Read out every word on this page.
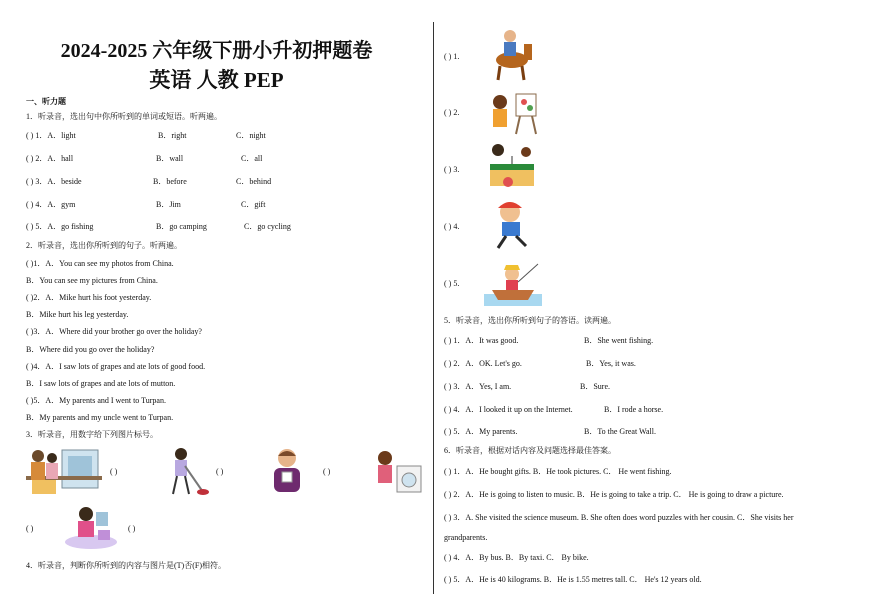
2024-2025 六年级下册小升初押题卷
英语 人教 PEP
一、听力题
1．听录音，选出句中你所听到的单词或短语。听两遍。
( ) 1．A．light	B．right	C．night
( ) 2．A．hall	B．wall	C．all
( ) 3．A．beside	B．before	C．behind
( ) 4．A．gym	B．Jim	C．gift
( ) 5．A．go fishing	B．go camping	C．go cycling
2．听录音，选出你所听到的句子。听两遍。
( )1．A．You can see my photos from China.
B．You can see my pictures from China.
( )2．A．Mike hurt his foot yesterday.
B．Mike hurt his leg yesterday.
( )3．A．Where did your brother go over the holiday?
B．Where did you go over the holiday?
( )4．A．I saw lots of grapes and ate lots of good food.
B．I saw lots of grapes and ate lots of mutton.
( )5．A．My parents and I went to Turpan.
B．My parents and my uncle went to Turpan.
3．听录音，用数字给下列图片标号。
( )	( )	( )
( )	( )
4．听录音，判断你所听到的内容与图片是(T)否(F)相符。
( ) 1.
( ) 2.
( ) 3.
( ) 4.
( ) 5.
5．听录音，选出你所听到句子的答语。读两遍。
( ) 1．A．It was good.	B．She went fishing.
( ) 2．A．OK. Let's go.	B．Yes, it was.
( ) 3．A．Yes, I am.	B．Sure.
( ) 4．A．I looked it up on the Internet.	B．I rode a horse.
( ) 5．A．My parents.	B．To the Great Wall.
6．听录音，根据对话内容及问题选择最佳答案。
( ) 1．A．He bought gifts. B．He took pictures. C． He went fishing.
( ) 2．A．He is going to listen to music. B．He is going to take a trip. C． He is going to draw a picture.
( ) 3．A. She visited the science museum. B. She often does word puzzles with her cousin. C．She visits her
grandparents.
( ) 4．A．By bus. B．By taxi. C． By bike.
( ) 5．A．He is 40 kilograms. B．He is 1.55 metres tall. C． He's 12 years old.
